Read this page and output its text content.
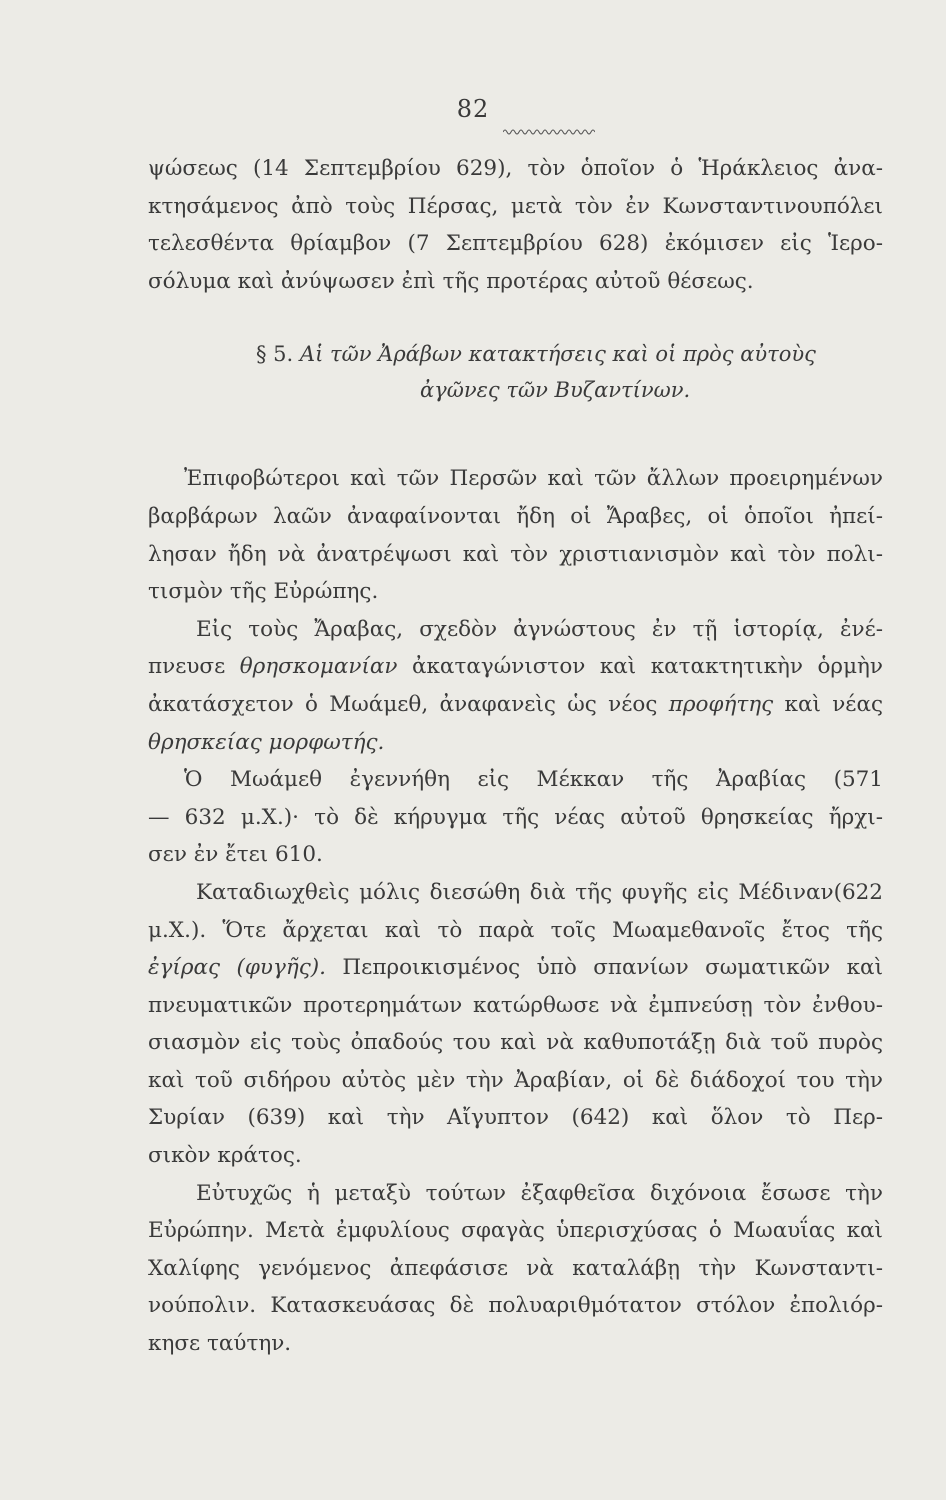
82
ψώσεως (14 Σεπτεμβρίου 629), τὸν ὁποῖον ὁ Ἡράκλειος ἀνα-
κτησάμενος ἀπὸ τοὺς Πέρσας, μετὰ τὸν ἐν Κωνσταντινουπόλει
τελεσθέντα θρίαμβον (7 Σεπτεμβρίου 628) ἐκόμισεν εἰς Ἱερο-
σόλυμα καὶ ἀνύψωσεν ἐπὶ τῆς προτέρας αὐτοῦ θέσεως.
§ 5. Αἱ τῶν Ἀράβων κατακτήσεις καὶ οἱ πρὸς αὐτοὺς
ἀγῶνες τῶν Βυζαντίνων.
Ἐπιφοβώτεροι καὶ τῶν Περσῶν καὶ τῶν ἄλλων προειρημένων
βαρβάρων λαῶν ἀναφαίνονται ἤδη οἱ Ἄραβες, οἱ ὁποῖοι ἠπεί-
λησαν ἤδη νὰ ἀνατρέψωσι καὶ τὸν χριστιανισμὸν καὶ τὸν πολι-
τισμὸν τῆς Εὐρώπης.
Εἰς τοὺς Ἄραβας, σχεδὸν ἀγνώστους ἐν τῇ ἱστορίᾳ, ἐνέ-
πνευσε θρησκομανίαν ἀκαταγώνιστον καὶ κατακτητικὴν ὁρμὴν
ἀκατάσχετον ὁ Μωάμεθ, ἀναφανεὶς ὡς νέος προφήτης καὶ νέας
θρησκείας μορφωτής.
Ὁ Μωάμεθ ἐγεννήθη εἰς Μέκκαν τῆς Ἀραβίας (571
— 632 μ.Χ.)· τὸ δὲ κήρυγμα τῆς νέας αὐτοῦ θρησκείας ἤρχι-
σεν ἐν ἔτει 610.
Καταδιωχθεὶς μόλις διεσώθη διὰ τῆς φυγῆς εἰς Μέδιναν(622
μ.Χ.). Ὅτε ἄρχεται καὶ τὸ παρὰ τοῖς Μωαμεθανοῖς ἔτος τῆς
ἐγίρας (φυγῆς). Πεπροικισμένος ὑπὸ σπανίων σωματικῶν καὶ
πνευματικῶν προτερημάτων κατώρθωσε νὰ ἐμπνεύσῃ τὸν ἐνθου-
σιασμὸν εἰς τοὺς ὀπαδούς του καὶ νὰ καθυποτάξῃ διὰ τοῦ πυρὸς
καὶ τοῦ σιδήρου αὐτὸς μὲν τὴν Ἀραβίαν, οἱ δὲ διάδοχοί του τὴν
Συρίαν (639) καὶ τὴν Αἴγυπτον (642) καὶ ὅλον τὸ Περ-
σικὸν κράτος.
Εὐτυχῶς ἡ μεταξὺ τούτων ἐξαφθεῖσα διχόνοια ἔσωσε τὴν
Εὐρώπην. Μετὰ ἐμφυλίους σφαγὰς ὑπερισχύσας ὁ Μωαυΐας καὶ
Χαλίφης γενόμενος ἀπεφάσισε νὰ καταλάβῃ τὴν Κωνσταντι-
νούπολιν. Κατασκευάσας δὲ πολυαριθμότατον στόλον ἐπολιόρ-
κησε ταύτην.
